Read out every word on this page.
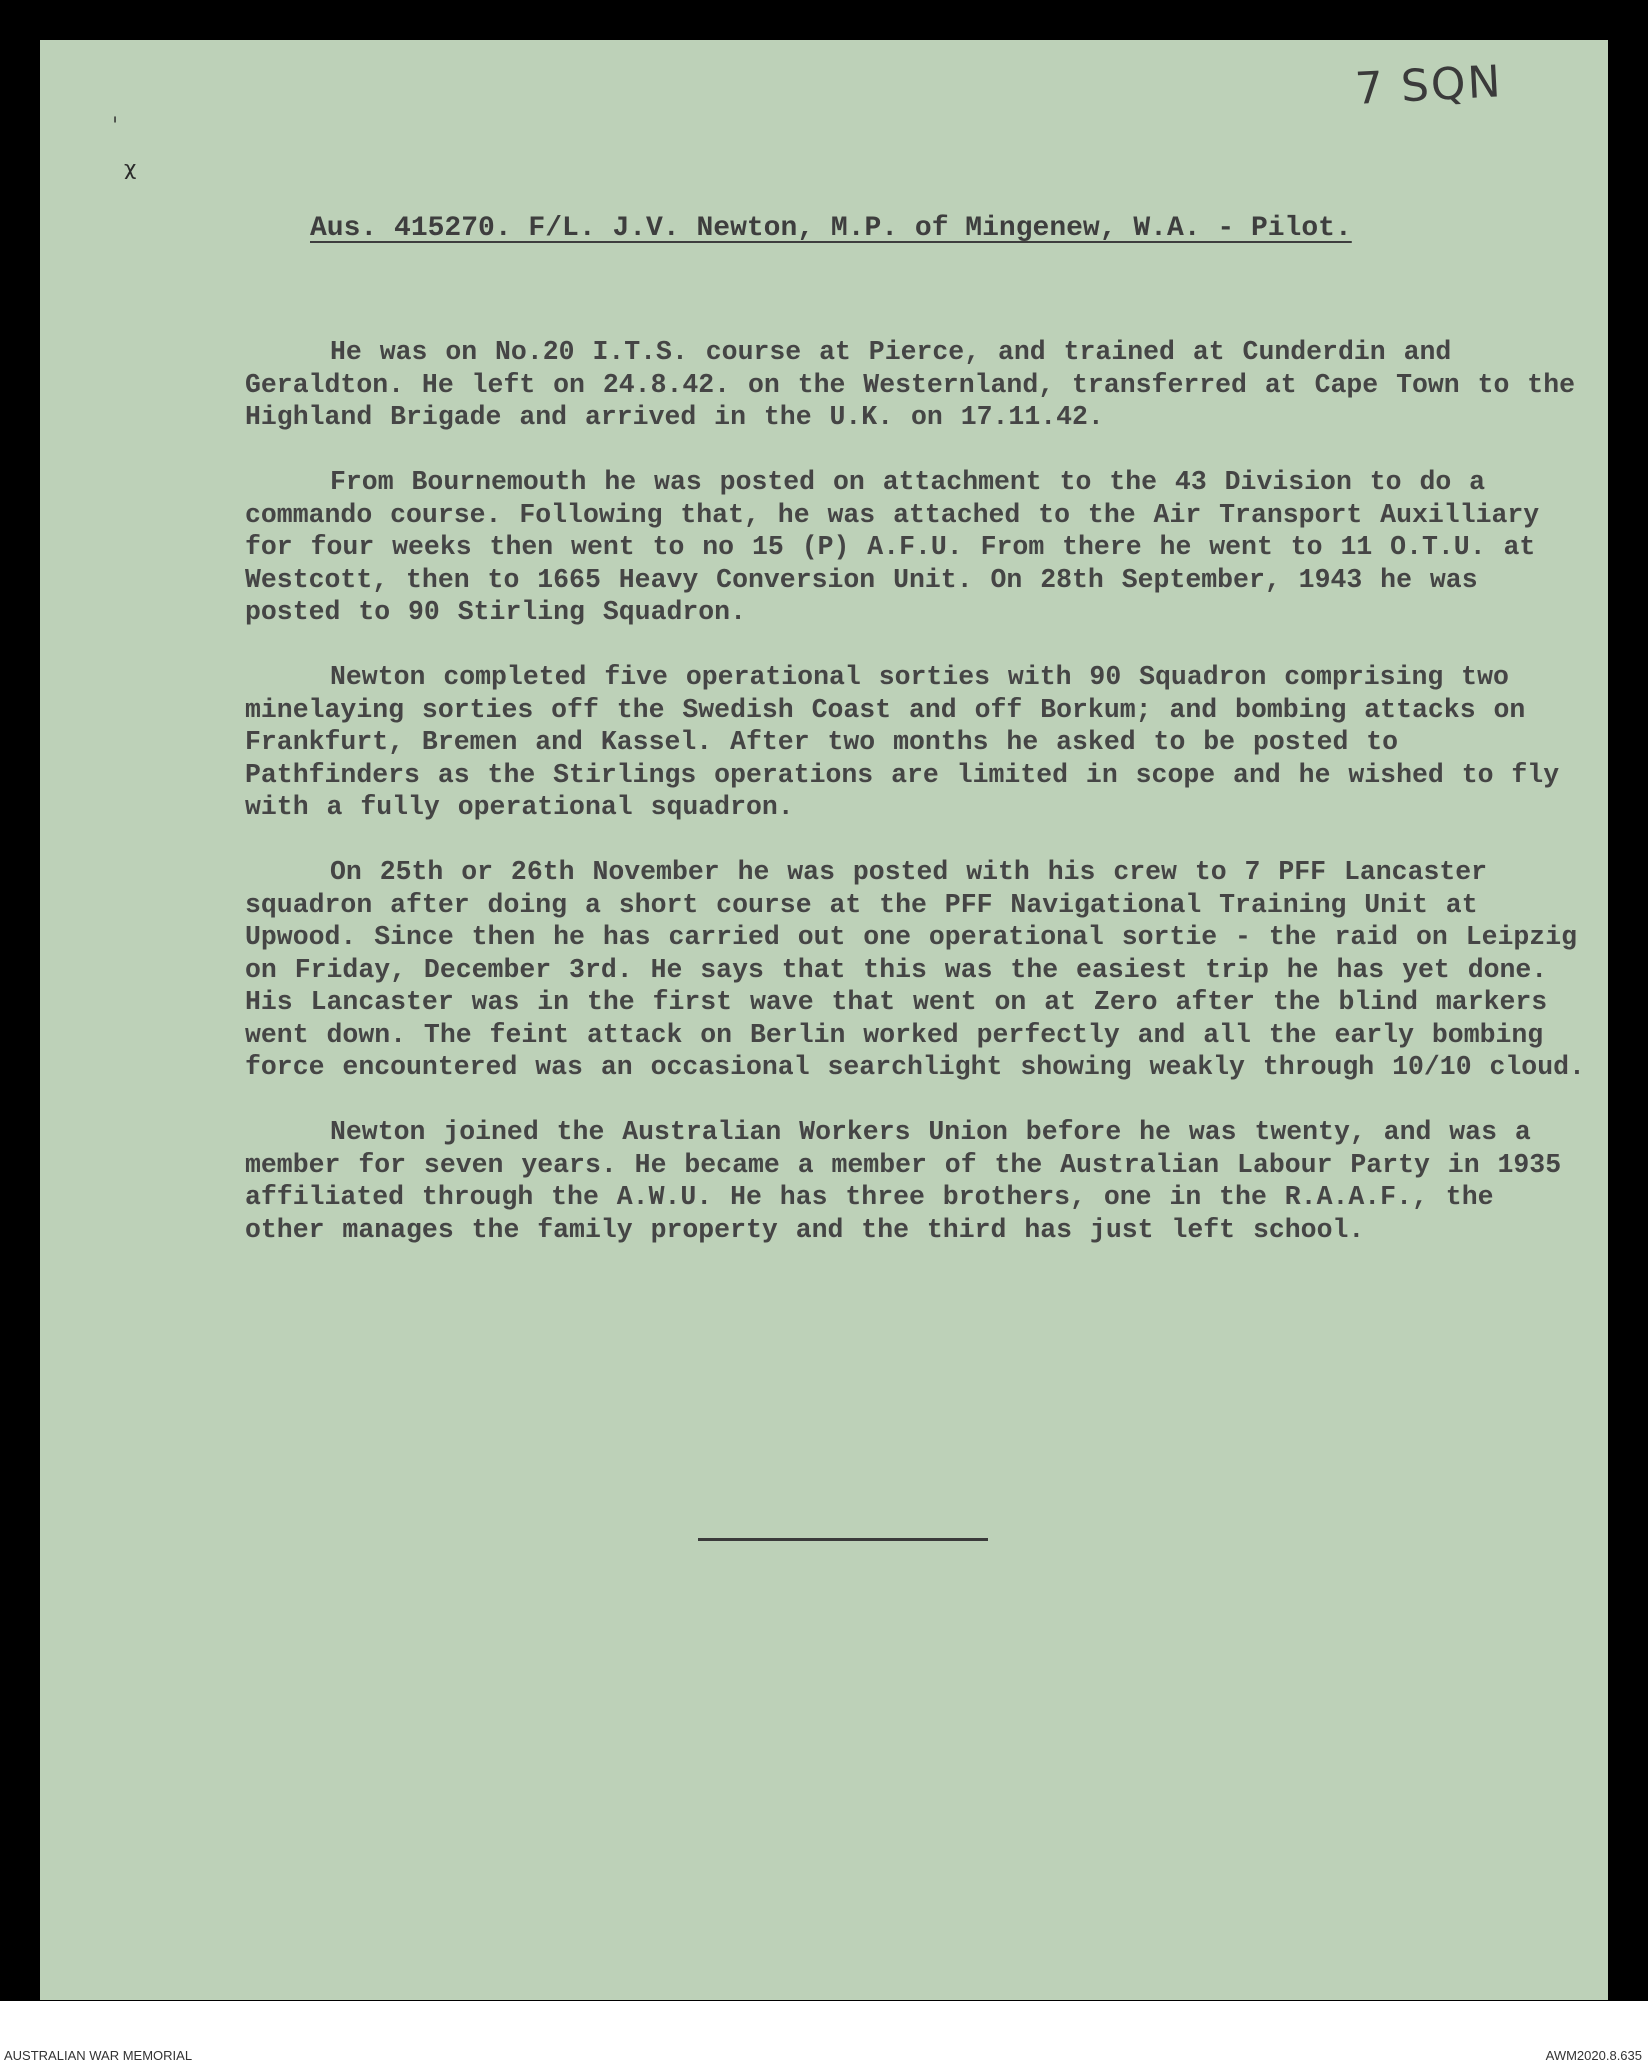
ˌ
ᵡ
7 SQN
Aus. 415270. F/L. J.V. Newton, M.P. of Mingenew, W.A. - Pilot.

He was on No.20 I.T.S. course at Pierce, and trained at Cunderdin and Geraldton. He left on 24.8.42. on the Westernland, transferred at Cape Town to the Highland Brigade and arrived in the U.K. on 17.11.42.

From Bournemouth he was posted on attachment to the 43 Division to do a commando course. Following that, he was attached to the Air Transport Auxilliary for four weeks then went to no 15 (P) A.F.U. From there he went to 11 O.T.U. at Westcott, then to 1665 Heavy Conversion Unit. On 28th September, 1943 he was posted to 90 Stirling Squadron.

Newton completed five operational sorties with 90 Squadron comprising two minelaying sorties off the Swedish Coast and off Borkum; and bombing attacks on Frankfurt, Bremen and Kassel. After two months he asked to be posted to Pathfinders as the Stirlings operations are limited in scope and he wished to fly with a fully operational squadron.

On 25th or 26th November he was posted with his crew to 7 PFF Lancaster squadron after doing a short course at the PFF Navigational Training Unit at Upwood. Since then he has carried out one operational sortie - the raid on Leipzig on Friday, December 3rd. He says that this was the easiest trip he has yet done. His Lancaster was in the first wave that went on at Zero after the blind markers went down. The feint attack on Berlin worked perfectly and all the early bombing force encountered was an occasional searchlight showing weakly through 10/10 cloud.

Newton joined the Australian Workers Union before he was twenty, and was a member for seven years. He became a member of the Australian Labour Party in 1935 affiliated through the A.W.U. He has three brothers, one in the R.A.A.F., the other manages the family property and the third has just left school.

AUSTRALIAN WAR MEMORIAL	AWM2020.8.635
